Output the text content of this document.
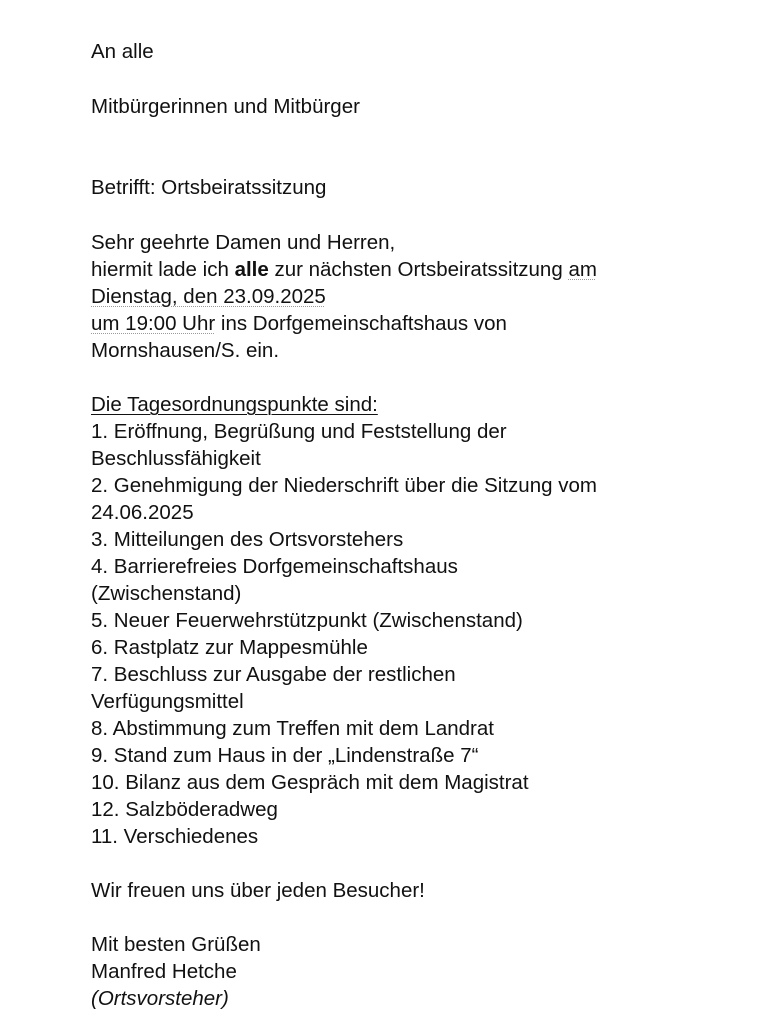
An alle
Mitbürgerinnen und Mitbürger
Betrifft: Ortsbeiratssitzung
Sehr geehrte Damen und Herren,
hiermit lade ich alle zur nächsten Ortsbeiratssitzung am
Dienstag, den 23.09.2025
um 19:00 Uhr ins Dorfgemeinschaftshaus von
Mornshausen/S. ein.
Die Tagesordnungspunkte sind:
1. Eröffnung, Begrüßung und Feststellung der
Beschlussfähigkeit
2. Genehmigung der Niederschrift über die Sitzung vom
24.06.2025
3. Mitteilungen des Ortsvorstehers
4. Barrierefreies Dorfgemeinschaftshaus
(Zwischenstand)
5. Neuer Feuerwehrstützpunkt (Zwischenstand)
6. Rastplatz zur Mappesmühle
7. Beschluss zur Ausgabe der restlichen
Verfügungsmittel
8. Abstimmung zum Treffen mit dem Landrat
9. Stand zum Haus in der „Lindenstraße 7“
10. Bilanz aus dem Gespräch mit dem Magistrat
12. Salzböderadweg
11. Verschiedenes
Wir freuen uns über jeden Besucher!
Mit besten Grüßen
Manfred Hetche
(Ortsvorsteher)
